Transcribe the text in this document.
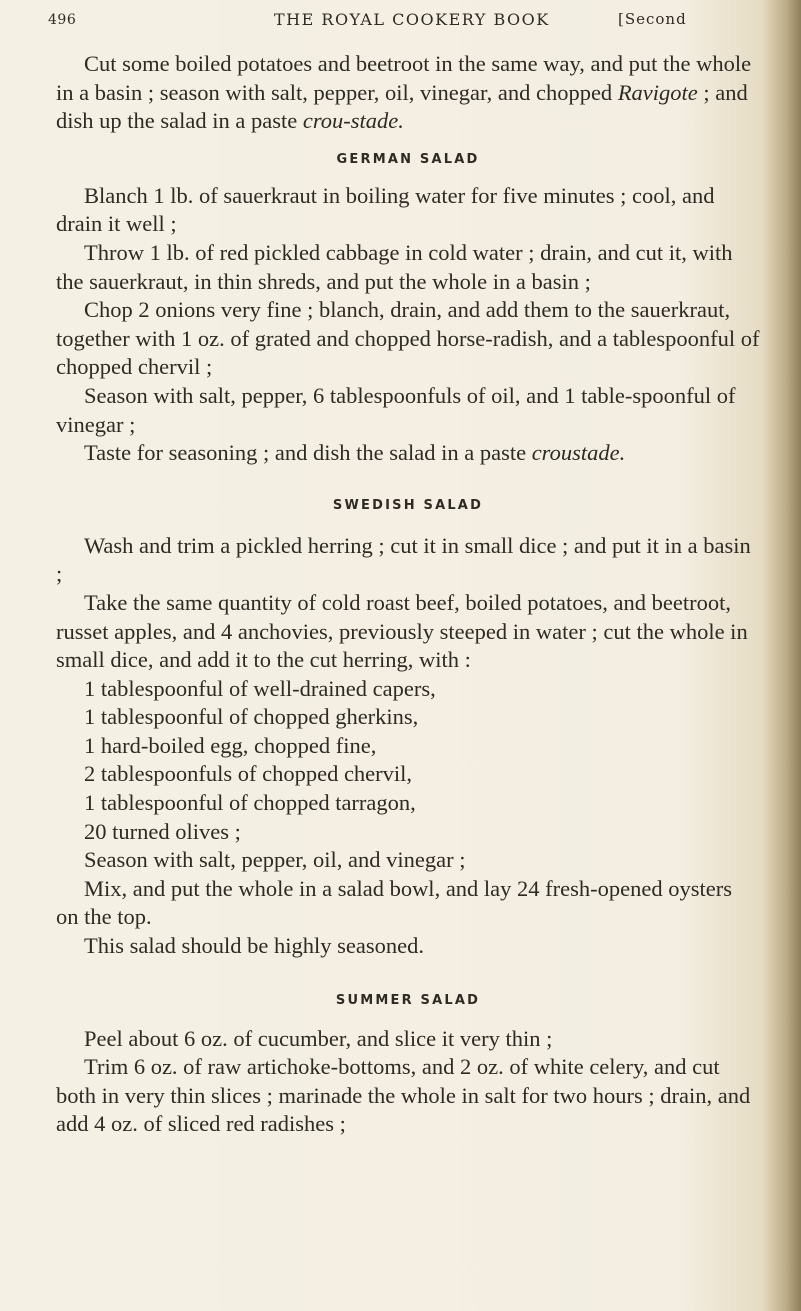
496	THE ROYAL COOKERY BOOK	[Second

Cut some boiled potatoes and beetroot in the same way, and put the whole in a basin ; season with salt, pepper, oil, vinegar, and chopped Ravigote ; and dish up the salad in a paste crou-stade.

GERMAN SALAD

Blanch 1 lb. of sauerkraut in boiling water for five minutes ; cool, and drain it well ;

Throw 1 lb. of red pickled cabbage in cold water ; drain, and cut it, with the sauerkraut, in thin shreds, and put the whole in a basin ;

Chop 2 onions very fine ; blanch, drain, and add them to the sauerkraut, together with 1 oz. of grated and chopped horse-radish, and a tablespoonful of chopped chervil ;

Season with salt, pepper, 6 tablespoonfuls of oil, and 1 table-spoonful of vinegar ;

Taste for seasoning ; and dish the salad in a paste croustade.

SWEDISH SALAD

Wash and trim a pickled herring ; cut it in small dice ; and put it in a basin ;

Take the same quantity of cold roast beef, boiled potatoes, and beetroot, russet apples, and 4 anchovies, previously steeped in water ; cut the whole in small dice, and add it to the cut herring, with :

1 tablespoonful of well-drained capers,

1 tablespoonful of chopped gherkins,

1 hard-boiled egg, chopped fine,

2 tablespoonfuls of chopped chervil,

1 tablespoonful of chopped tarragon,

20 turned olives ;

Season with salt, pepper, oil, and vinegar ;

Mix, and put the whole in a salad bowl, and lay 24 fresh-opened oysters on the top.

This salad should be highly seasoned.

SUMMER SALAD

Peel about 6 oz. of cucumber, and slice it very thin ;

Trim 6 oz. of raw artichoke-bottoms, and 2 oz. of white celery, and cut both in very thin slices ; marinade the whole in salt for two hours ; drain, and add 4 oz. of sliced red radishes ;
